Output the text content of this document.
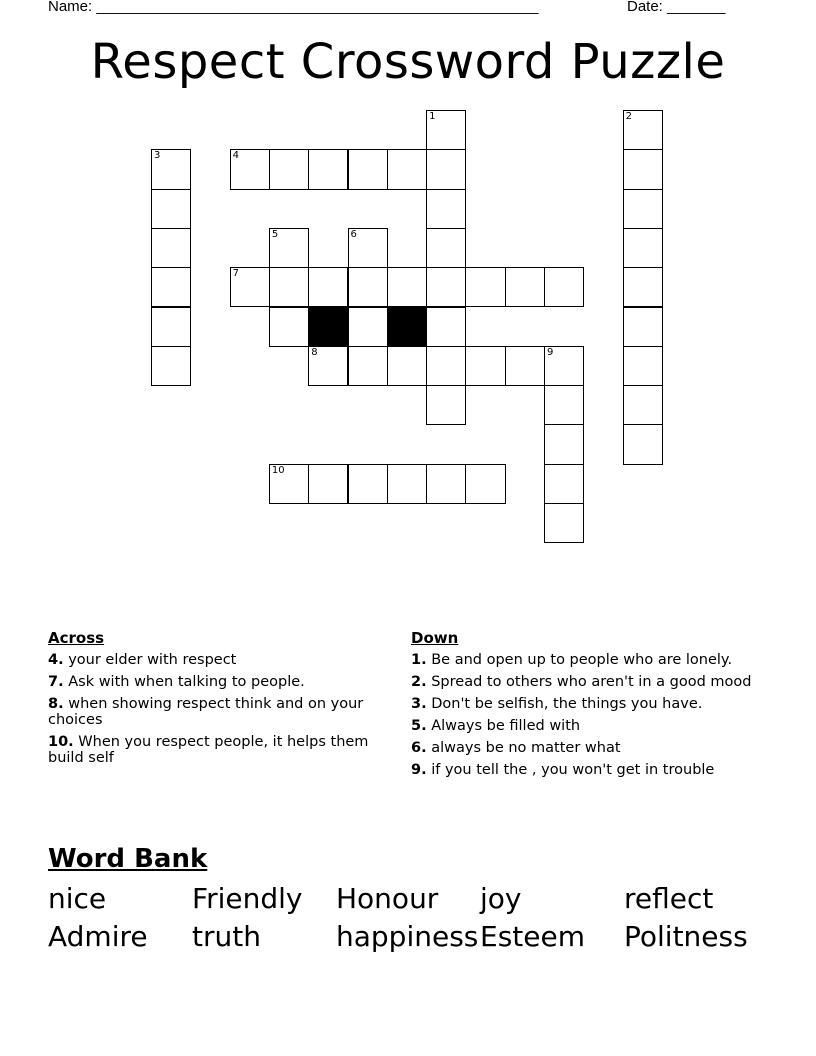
Name: _____________________________________________________	Date: _______
Respect Crossword Puzzle
1	2
3	4
5	6
7
8	9
10
Across
4. your elder with respect
7. Ask with when talking to people.
8. when showing respect think and on your choices
10. When you respect people, it helps them build self
Down
1. Be and open up to people who are lonely.
2. Spread to others who aren't in a good mood
3. Don't be selfish, the things you have.
5. Always be filled with
6. always be no matter what
9. if you tell the , you won't get in trouble
Word Bank
nice	Friendly	Honour	joy	reflect
Admire	truth	happiness Esteem	Politness
